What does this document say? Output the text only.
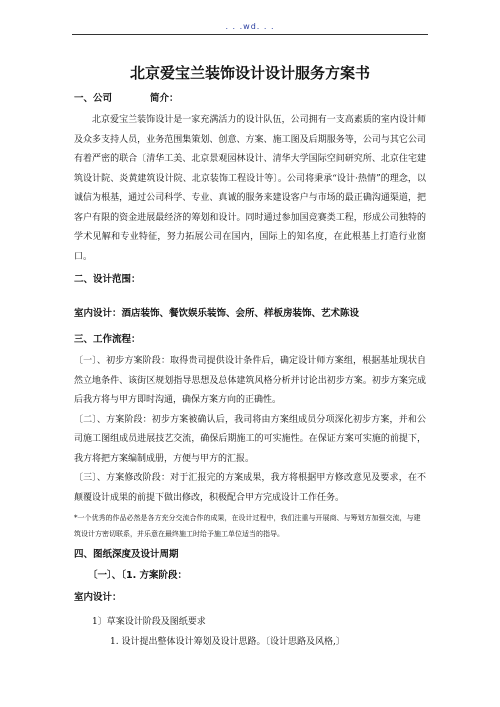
. . .wd. . .
北京爱宝兰装饰设计设计服务方案书
一、公司	简介：

北京爱宝兰装饰设计是一家充满活力的设计队伍，公司拥有一支高素质的室内设计师及众多支持人员，业务范围集策划、创意、方案、施工图及后期服务等，公司与其它公司有着严密的联合〔清华工美、北京景观园林设计、清华大学国际空间研究所、北京住宅建筑设计院、炎黄建筑设计院、北京装饰工程设计等〕。公司将秉承“设计·热情”的理念，以诚信为根基，通过公司科学、专业、真诚的服务来建设客户与市场的最正确沟通渠道，把客户有限的资金进展最经济的筹划和设计。同时通过参加国竞赛类工程，形成公司独特的学术见解和专业特征，努力拓展公司在国内，国际上的知名度，在此根基上打造行业窗口。

二、设计范围：
室内设计：酒店装饰、餐饮娱乐装饰、会所、样板房装饰、艺术陈设
三、工作流程：

〔一〕、初步方案阶段：取得贵司提供设计条件后，确定设计师方案组，根据基址现状自然立地条件、该街区规划指导思想及总体建筑风格分析并讨论出初步方案。初步方案完成后我方将与甲方即时沟通，确保方案方向的正确性。

〔二〕、方案阶段：初步方案被确认后，我司将由方案组成员分项深化初步方案，并和公司施工图组成员进展技艺交流，确保后期施工的可实施性。在保证方案可实施的前提下，我方将把方案编制成册，方便与甲方的汇报。

〔三〕、方案修改阶段：对于汇报完的方案成果，我方将根据甲方修改意见及要求，在不颠覆设计成果的前提下做出修改，积极配合甲方完成设计工作任务。

*一个优秀的作品必然是各方充分交流合作的成果，在设计过程中，我们注重与开展商、与筹划方加强交流，与建筑设计方密切联系，并乐意在最终施工时给予施工单位适当的指导。
四、图纸深度及设计周期
〔一〕、〔1. 方案阶段：
室内设计：
1〕草案设计阶段及图纸要求
1. 设计提出整体设计筹划及设计思路。〔设计思路及风格,〕
